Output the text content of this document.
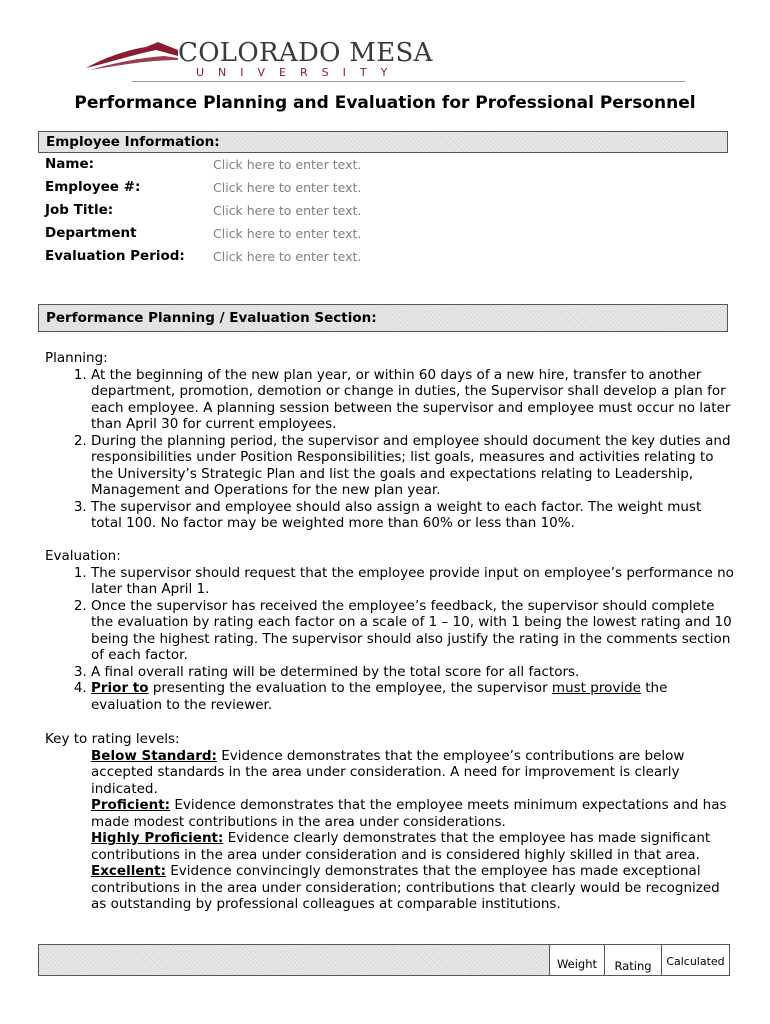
COLORADO MESA
UNIVERSITY
Performance Planning and Evaluation for Professional Personnel
Employee Information:
Name:	Click here to enter text.
Employee #:	Click here to enter text.
Job Title:	Click here to enter text.
Department	Click here to enter text.
Evaluation Period: Click here to enter text.
Performance Planning / Evaluation Section:

Planning:

1. At the beginning of the new plan year, or within 60 days of a new hire, transfer to another department, promotion, demotion or change in duties, the Supervisor shall develop a plan for each employee. A planning session between the supervisor and employee must occur no later than April 30 for current employees.
2. During the planning period, the supervisor and employee should document the key duties and responsibilities under Position Responsibilities; list goals, measures and activities relating to the University’s Strategic Plan and list the goals and expectations relating to Leadership, Management and Operations for the new plan year.
3. The supervisor and employee should also assign a weight to each factor. The weight must total 100. No factor may be weighted more than 60% or less than 10%.

Evaluation:

1. The supervisor should request that the employee provide input on employee’s performance no later than April 1.
2. Once the supervisor has received the employee’s feedback, the supervisor should complete the evaluation by rating each factor on a scale of 1 – 10, with 1 being the lowest rating and 10 being the highest rating. The supervisor should also justify the rating in the comments section of each factor.
3. A final overall rating will be determined by the total score for all factors.
4. Prior to presenting the evaluation to the employee, the supervisor must provide the evaluation to the reviewer.

Key to rating levels:

Below Standard: Evidence demonstrates that the employee’s contributions are below accepted standards in the area under consideration. A need for improvement is clearly indicated.

Proficient: Evidence demonstrates that the employee meets minimum expectations and has made modest contributions in the area under considerations.

Highly Proficient: Evidence clearly demonstrates that the employee has made significant contributions in the area under consideration and is considered highly skilled in that area.

Excellent: Evidence convincingly demonstrates that the employee has made exceptional contributions in the area under consideration; contributions that clearly would be recognized as outstanding by professional colleagues at comparable institutions.

Weight	Rating	Calculated
